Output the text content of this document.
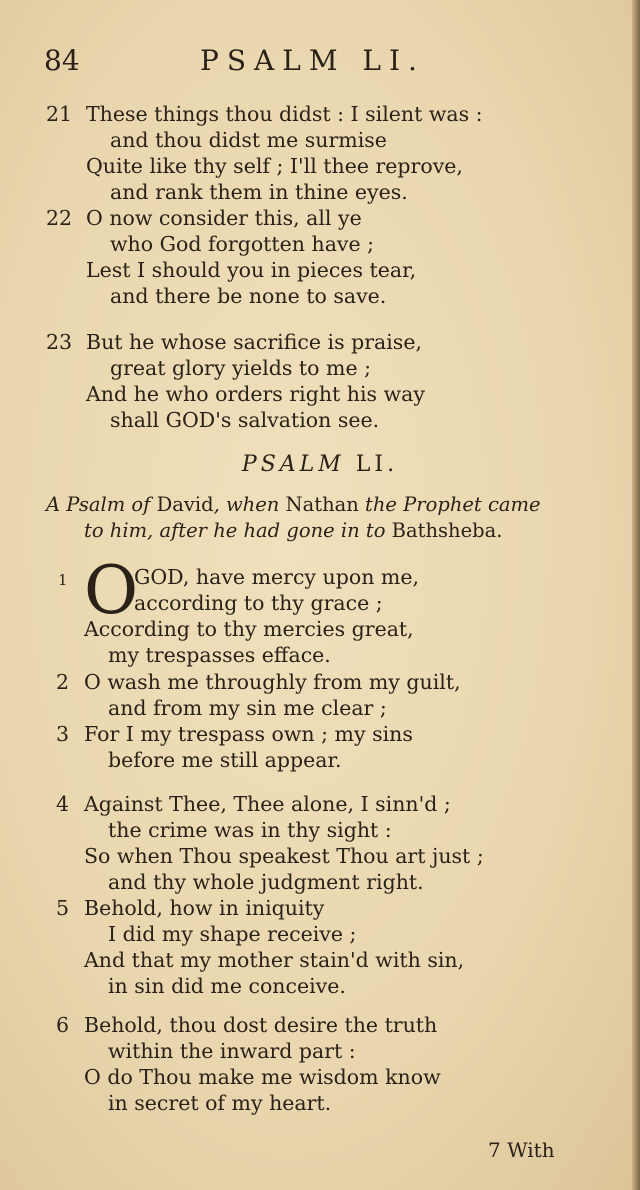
84	PSALM LI.
21 These things thou didst : I silent was :
and thou didst me surmise
Quite like thy self ; I'll thee reprove,
and rank them in thine eyes.
22 O now consider this, all ye
who God forgotten have ;
Lest I should you in pieces tear,
and there be none to save.
23 But he whose sacrifice is praise,
great glory yields to me ;
And he who orders right his way
shall GOD's salvation see.
PSALM LI.
A Psalm of David, when Nathan the Prophet came
to him, after he had gone in to Bathsheba.
1 O
GOD, have mercy upon me,
according to thy grace ;
According to thy mercies great,
my trespasses efface.
2 O wash me throughly from my guilt,
and from my sin me clear ;
3 For I my trespass own ; my sins
before me still appear.
4 Against Thee, Thee alone, I sinn'd ;
the crime was in thy sight :
So when Thou speakest Thou art just ;
and thy whole judgment right.
5 Behold, how in iniquity
I did my shape receive ;
And that my mother stain'd with sin,
in sin did me conceive.
6 Behold, thou dost desire the truth
within the inward part :
O do Thou make me wisdom know
in secret of my heart.
7 With
